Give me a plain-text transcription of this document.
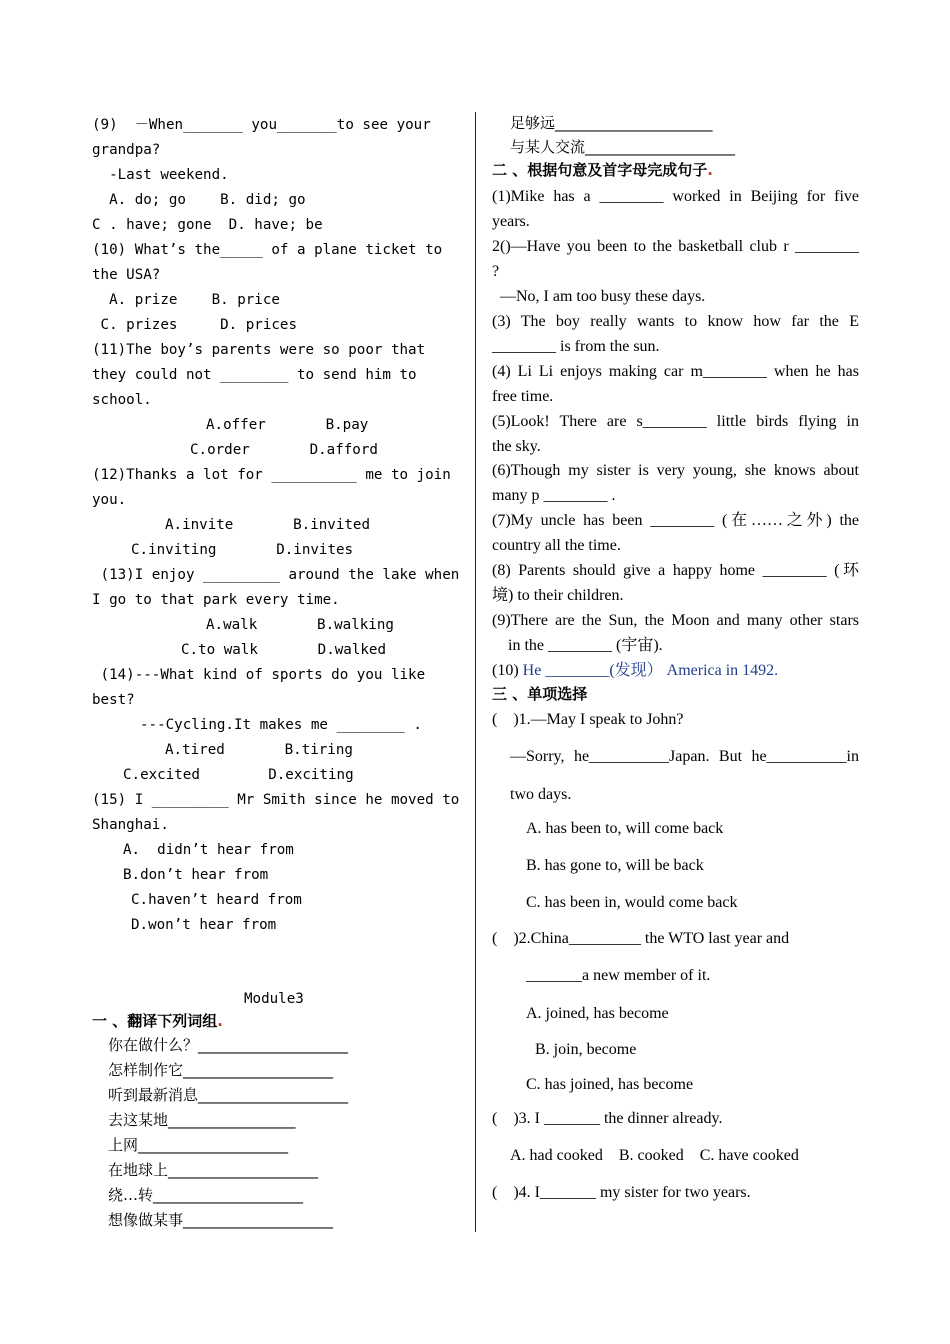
(9)  －When_______ you_______to see your
grandpa?
-Last weekend.
A. do; go    B. did; go
C . have; gone  D. have; be
(10) What’s the_____ of a plane ticket to
the USA?
A. prize    B. price
C. prizes     D. prices
(11)The boy’s parents were so poor that
they could not ________ to send him to
school.
A.offer       B.pay
C.order       D.afford
(12)Thanks a lot for __________ me to join
you.
A.invite       B.invited
C.inviting       D.invites
(13)I enjoy _________ around the lake when
I go to that park every time.
A.walk       B.walking
C.to walk       D.walked
(14)---What kind of sports do you like
best?
---Cycling.It makes me ________ .
A.tired       B.tiring
C.excited        D.exciting
(15) I _________ Mr Smith since he moved to
Shanghai.
A.  didn’t hear from
B.don’t hear from
C.haven’t heard from
D.won’t hear from
Module3
一 、翻译下列词组.
你在做什么？____________________
怎样制作它____________________
听到最新消息____________________
去这某地_________________
上网____________________
在地球上____________________
绕…转____________________
想像做某事____________________
足够远_____________________
与某人交流____________________
二 、根据句意及首字母完成句子.
(1)Mike has a ________ worked in Beijing for five
years.
2()—Have you been to the basketball club r ________
?
—No, I am too busy these days.
(3) The boy really wants to know how far the E
________ is from the sun.
(4) Li Li enjoys making car m________ when he has
free time.
(5)Look! There are s________ little birds flying in
the sky.
(6)Though my sister is very young, she knows about
many p ________ .
(7)My uncle has been ________ (在……之外) the
country all the time.
(8) Parents should give a happy home ________ (环
境) to their children.
(9)There are the Sun, the Moon and many other stars
in the ________ (宇宙).
(10) He ________(发现） America in 1492.
三 、单项选择
(    )1.—May I speak to John?
—Sorry, he__________Japan. But he__________in
two days.
A. has been to, will come back
B. has gone to, will be back
C. has been in, would come back
(    )2.China_________ the WTO last year and
_______a new member of it.
A. joined, has become
B. join, become
C. has joined, has become
(    )3. I _______ the dinner already.
A. had cooked    B. cooked    C. have cooked
(    )4. I_______ my sister for two years.
